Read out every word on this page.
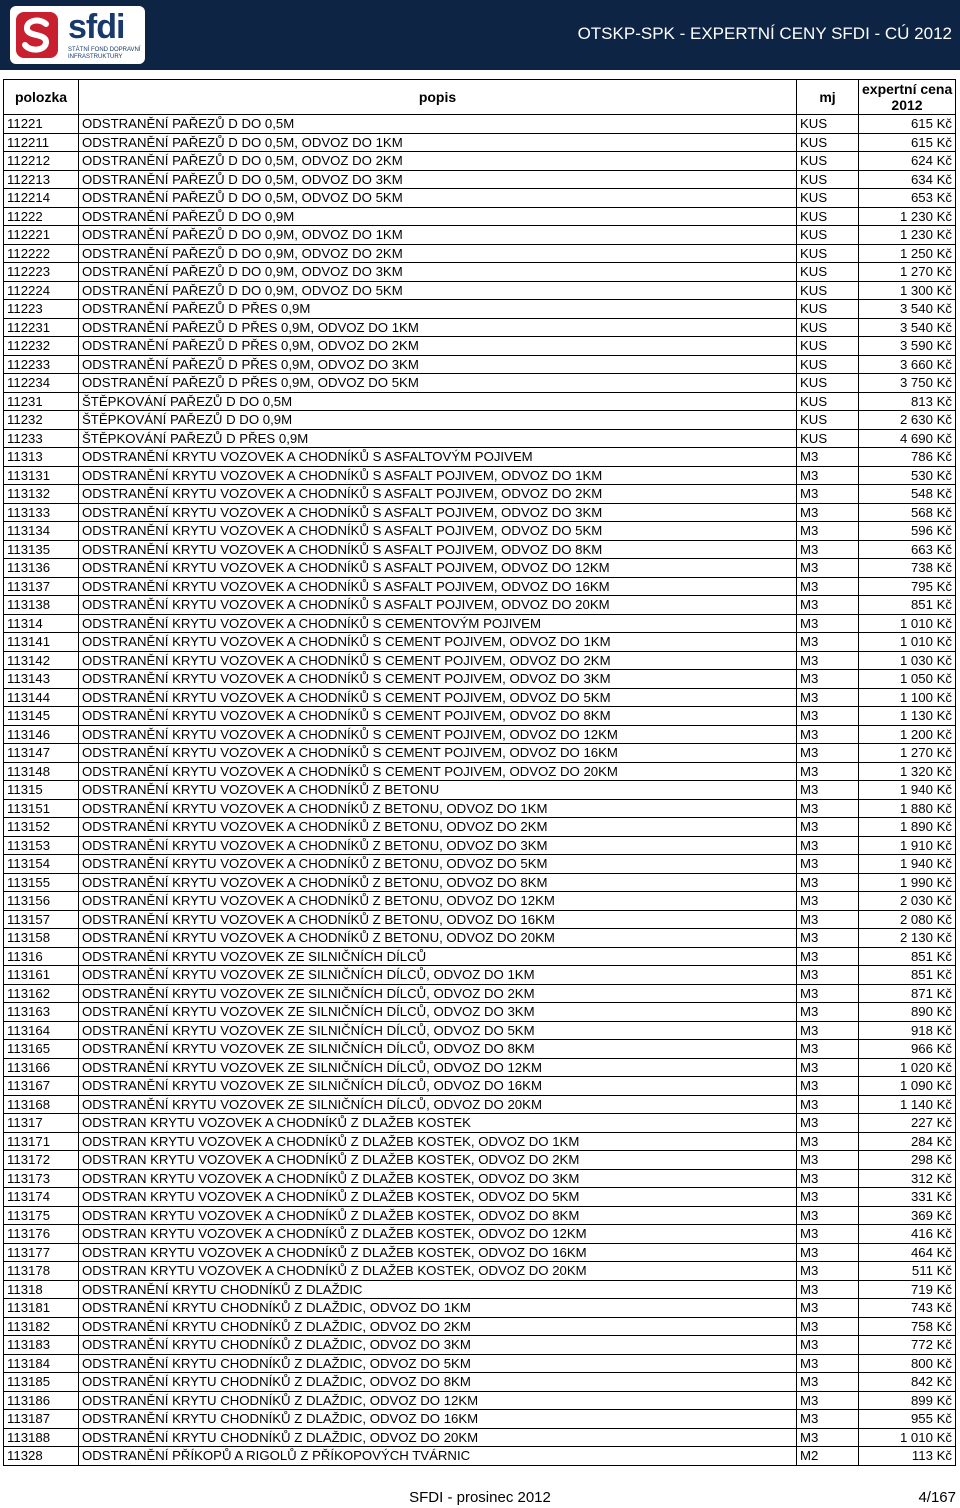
sfdi
STÁTNÍ FOND DOPRAVNÍ INFRASTRUKTURY
OTSKP-SPK - EXPERTNÍ CENY SFDI - CÚ 2012
polozka	popis	mj	expertní cena
2012
11221	ODSTRANĚNÍ PAŘEZŮ D DO 0,5M	KUS	615 Kč
112211	ODSTRANĚNÍ PAŘEZŮ D DO 0,5M, ODVOZ DO 1KM	KUS	615 Kč
112212	ODSTRANĚNÍ PAŘEZŮ D DO 0,5M, ODVOZ DO 2KM	KUS	624 Kč
112213	ODSTRANĚNÍ PAŘEZŮ D DO 0,5M, ODVOZ DO 3KM	KUS	634 Kč
112214	ODSTRANĚNÍ PAŘEZŮ D DO 0,5M, ODVOZ DO 5KM	KUS	653 Kč
11222	ODSTRANĚNÍ PAŘEZŮ D DO 0,9M	KUS	1 230 Kč
112221	ODSTRANĚNÍ PAŘEZŮ D DO 0,9M, ODVOZ DO 1KM	KUS	1 230 Kč
112222	ODSTRANĚNÍ PAŘEZŮ D DO 0,9M, ODVOZ DO 2KM	KUS	1 250 Kč
112223	ODSTRANĚNÍ PAŘEZŮ D DO 0,9M, ODVOZ DO 3KM	KUS	1 270 Kč
112224	ODSTRANĚNÍ PAŘEZŮ D DO 0,9M, ODVOZ DO 5KM	KUS	1 300 Kč
11223	ODSTRANĚNÍ PAŘEZŮ D PŘES 0,9M	KUS	3 540 Kč
112231	ODSTRANĚNÍ PAŘEZŮ D PŘES 0,9M, ODVOZ DO 1KM	KUS	3 540 Kč
112232	ODSTRANĚNÍ PAŘEZŮ D PŘES 0,9M, ODVOZ DO 2KM	KUS	3 590 Kč
112233	ODSTRANĚNÍ PAŘEZŮ D PŘES 0,9M, ODVOZ DO 3KM	KUS	3 660 Kč
112234	ODSTRANĚNÍ PAŘEZŮ D PŘES 0,9M, ODVOZ DO 5KM	KUS	3 750 Kč
11231	ŠTĚPKOVÁNÍ PAŘEZŮ D DO 0,5M	KUS	813 Kč
11232	ŠTĚPKOVÁNÍ PAŘEZŮ D DO 0,9M	KUS	2 630 Kč
11233	ŠTĚPKOVÁNÍ PAŘEZŮ D PŘES 0,9M	KUS	4 690 Kč
11313	ODSTRANĚNÍ KRYTU VOZOVEK A CHODNÍKŮ S ASFALTOVÝM POJIVEM	M3	786 Kč
113131	ODSTRANĚNÍ KRYTU VOZOVEK A CHODNÍKŮ S ASFALT POJIVEM, ODVOZ DO 1KM	M3	530 Kč
113132	ODSTRANĚNÍ KRYTU VOZOVEK A CHODNÍKŮ S ASFALT POJIVEM, ODVOZ DO 2KM	M3	548 Kč
113133	ODSTRANĚNÍ KRYTU VOZOVEK A CHODNÍKŮ S ASFALT POJIVEM, ODVOZ DO 3KM	M3	568 Kč
113134	ODSTRANĚNÍ KRYTU VOZOVEK A CHODNÍKŮ S ASFALT POJIVEM, ODVOZ DO 5KM	M3	596 Kč
113135	ODSTRANĚNÍ KRYTU VOZOVEK A CHODNÍKŮ S ASFALT POJIVEM, ODVOZ DO 8KM	M3	663 Kč
113136	ODSTRANĚNÍ KRYTU VOZOVEK A CHODNÍKŮ S ASFALT POJIVEM, ODVOZ DO 12KM	M3	738 Kč
113137	ODSTRANĚNÍ KRYTU VOZOVEK A CHODNÍKŮ S ASFALT POJIVEM, ODVOZ DO 16KM	M3	795 Kč
113138	ODSTRANĚNÍ KRYTU VOZOVEK A CHODNÍKŮ S ASFALT POJIVEM, ODVOZ DO 20KM	M3	851 Kč
11314	ODSTRANĚNÍ KRYTU VOZOVEK A CHODNÍKŮ S CEMENTOVÝM POJIVEM	M3	1 010 Kč
113141	ODSTRANĚNÍ KRYTU VOZOVEK A CHODNÍKŮ S CEMENT POJIVEM, ODVOZ DO 1KM	M3	1 010 Kč
113142	ODSTRANĚNÍ KRYTU VOZOVEK A CHODNÍKŮ S CEMENT POJIVEM, ODVOZ DO 2KM	M3	1 030 Kč
113143	ODSTRANĚNÍ KRYTU VOZOVEK A CHODNÍKŮ S CEMENT POJIVEM, ODVOZ DO 3KM	M3	1 050 Kč
113144	ODSTRANĚNÍ KRYTU VOZOVEK A CHODNÍKŮ S CEMENT POJIVEM, ODVOZ DO 5KM	M3	1 100 Kč
113145	ODSTRANĚNÍ KRYTU VOZOVEK A CHODNÍKŮ S CEMENT POJIVEM, ODVOZ DO 8KM	M3	1 130 Kč
113146	ODSTRANĚNÍ KRYTU VOZOVEK A CHODNÍKŮ S CEMENT POJIVEM, ODVOZ DO 12KM	M3	1 200 Kč
113147	ODSTRANĚNÍ KRYTU VOZOVEK A CHODNÍKŮ S CEMENT POJIVEM, ODVOZ DO 16KM	M3	1 270 Kč
113148	ODSTRANĚNÍ KRYTU VOZOVEK A CHODNÍKŮ S CEMENT POJIVEM, ODVOZ DO 20KM	M3	1 320 Kč
11315	ODSTRANĚNÍ KRYTU VOZOVEK A CHODNÍKŮ Z BETONU	M3	1 940 Kč
113151	ODSTRANĚNÍ KRYTU VOZOVEK A CHODNÍKŮ Z BETONU, ODVOZ DO 1KM	M3	1 880 Kč
113152	ODSTRANĚNÍ KRYTU VOZOVEK A CHODNÍKŮ Z BETONU, ODVOZ DO 2KM	M3	1 890 Kč
113153	ODSTRANĚNÍ KRYTU VOZOVEK A CHODNÍKŮ Z BETONU, ODVOZ DO 3KM	M3	1 910 Kč
113154	ODSTRANĚNÍ KRYTU VOZOVEK A CHODNÍKŮ Z BETONU, ODVOZ DO 5KM	M3	1 940 Kč
113155	ODSTRANĚNÍ KRYTU VOZOVEK A CHODNÍKŮ Z BETONU, ODVOZ DO 8KM	M3	1 990 Kč
113156	ODSTRANĚNÍ KRYTU VOZOVEK A CHODNÍKŮ Z BETONU, ODVOZ DO 12KM	M3	2 030 Kč
113157	ODSTRANĚNÍ KRYTU VOZOVEK A CHODNÍKŮ Z BETONU, ODVOZ DO 16KM	M3	2 080 Kč
113158	ODSTRANĚNÍ KRYTU VOZOVEK A CHODNÍKŮ Z BETONU, ODVOZ DO 20KM	M3	2 130 Kč
11316	ODSTRANĚNÍ KRYTU VOZOVEK ZE SILNIČNÍCH DÍLCŮ	M3	851 Kč
113161	ODSTRANĚNÍ KRYTU VOZOVEK ZE SILNIČNÍCH DÍLCŮ, ODVOZ DO 1KM	M3	851 Kč
113162	ODSTRANĚNÍ KRYTU VOZOVEK ZE SILNIČNÍCH DÍLCŮ, ODVOZ DO 2KM	M3	871 Kč
113163	ODSTRANĚNÍ KRYTU VOZOVEK ZE SILNIČNÍCH DÍLCŮ, ODVOZ DO 3KM	M3	890 Kč
113164	ODSTRANĚNÍ KRYTU VOZOVEK ZE SILNIČNÍCH DÍLCŮ, ODVOZ DO 5KM	M3	918 Kč
113165	ODSTRANĚNÍ KRYTU VOZOVEK ZE SILNIČNÍCH DÍLCŮ, ODVOZ DO 8KM	M3	966 Kč
113166	ODSTRANĚNÍ KRYTU VOZOVEK ZE SILNIČNÍCH DÍLCŮ, ODVOZ DO 12KM	M3	1 020 Kč
113167	ODSTRANĚNÍ KRYTU VOZOVEK ZE SILNIČNÍCH DÍLCŮ, ODVOZ DO 16KM	M3	1 090 Kč
113168	ODSTRANĚNÍ KRYTU VOZOVEK ZE SILNIČNÍCH DÍLCŮ, ODVOZ DO 20KM	M3	1 140 Kč
11317	ODSTRAN KRYTU VOZOVEK A CHODNÍKŮ Z DLAŽEB KOSTEK	M3	227 Kč
113171	ODSTRAN KRYTU VOZOVEK A CHODNÍKŮ Z DLAŽEB KOSTEK, ODVOZ DO 1KM	M3	284 Kč
113172	ODSTRAN KRYTU VOZOVEK A CHODNÍKŮ Z DLAŽEB KOSTEK, ODVOZ DO 2KM	M3	298 Kč
113173	ODSTRAN KRYTU VOZOVEK A CHODNÍKŮ Z DLAŽEB KOSTEK, ODVOZ DO 3KM	M3	312 Kč
113174	ODSTRAN KRYTU VOZOVEK A CHODNÍKŮ Z DLAŽEB KOSTEK, ODVOZ DO 5KM	M3	331 Kč
113175	ODSTRAN KRYTU VOZOVEK A CHODNÍKŮ Z DLAŽEB KOSTEK, ODVOZ DO 8KM	M3	369 Kč
113176	ODSTRAN KRYTU VOZOVEK A CHODNÍKŮ Z DLAŽEB KOSTEK, ODVOZ DO 12KM	M3	416 Kč
113177	ODSTRAN KRYTU VOZOVEK A CHODNÍKŮ Z DLAŽEB KOSTEK, ODVOZ DO 16KM	M3	464 Kč
113178	ODSTRAN KRYTU VOZOVEK A CHODNÍKŮ Z DLAŽEB KOSTEK, ODVOZ DO 20KM	M3	511 Kč
11318	ODSTRANĚNÍ KRYTU CHODNÍKŮ Z DLAŽDIC	M3	719 Kč
113181	ODSTRANĚNÍ KRYTU CHODNÍKŮ Z DLAŽDIC, ODVOZ DO 1KM	M3	743 Kč
113182	ODSTRANĚNÍ KRYTU CHODNÍKŮ Z DLAŽDIC, ODVOZ DO 2KM	M3	758 Kč
113183	ODSTRANĚNÍ KRYTU CHODNÍKŮ Z DLAŽDIC, ODVOZ DO 3KM	M3	772 Kč
113184	ODSTRANĚNÍ KRYTU CHODNÍKŮ Z DLAŽDIC, ODVOZ DO 5KM	M3	800 Kč
113185	ODSTRANĚNÍ KRYTU CHODNÍKŮ Z DLAŽDIC, ODVOZ DO 8KM	M3	842 Kč
113186	ODSTRANĚNÍ KRYTU CHODNÍKŮ Z DLAŽDIC, ODVOZ DO 12KM	M3	899 Kč
113187	ODSTRANĚNÍ KRYTU CHODNÍKŮ Z DLAŽDIC, ODVOZ DO 16KM	M3	955 Kč
113188	ODSTRANĚNÍ KRYTU CHODNÍKŮ Z DLAŽDIC, ODVOZ DO 20KM	M3	1 010 Kč
11328	ODSTRANĚNÍ PŘÍKOPŮ A RIGOLŮ Z PŘÍKOPOVÝCH TVÁRNIC	M2	113 Kč
SFDI - prosinec 2012	4/167
